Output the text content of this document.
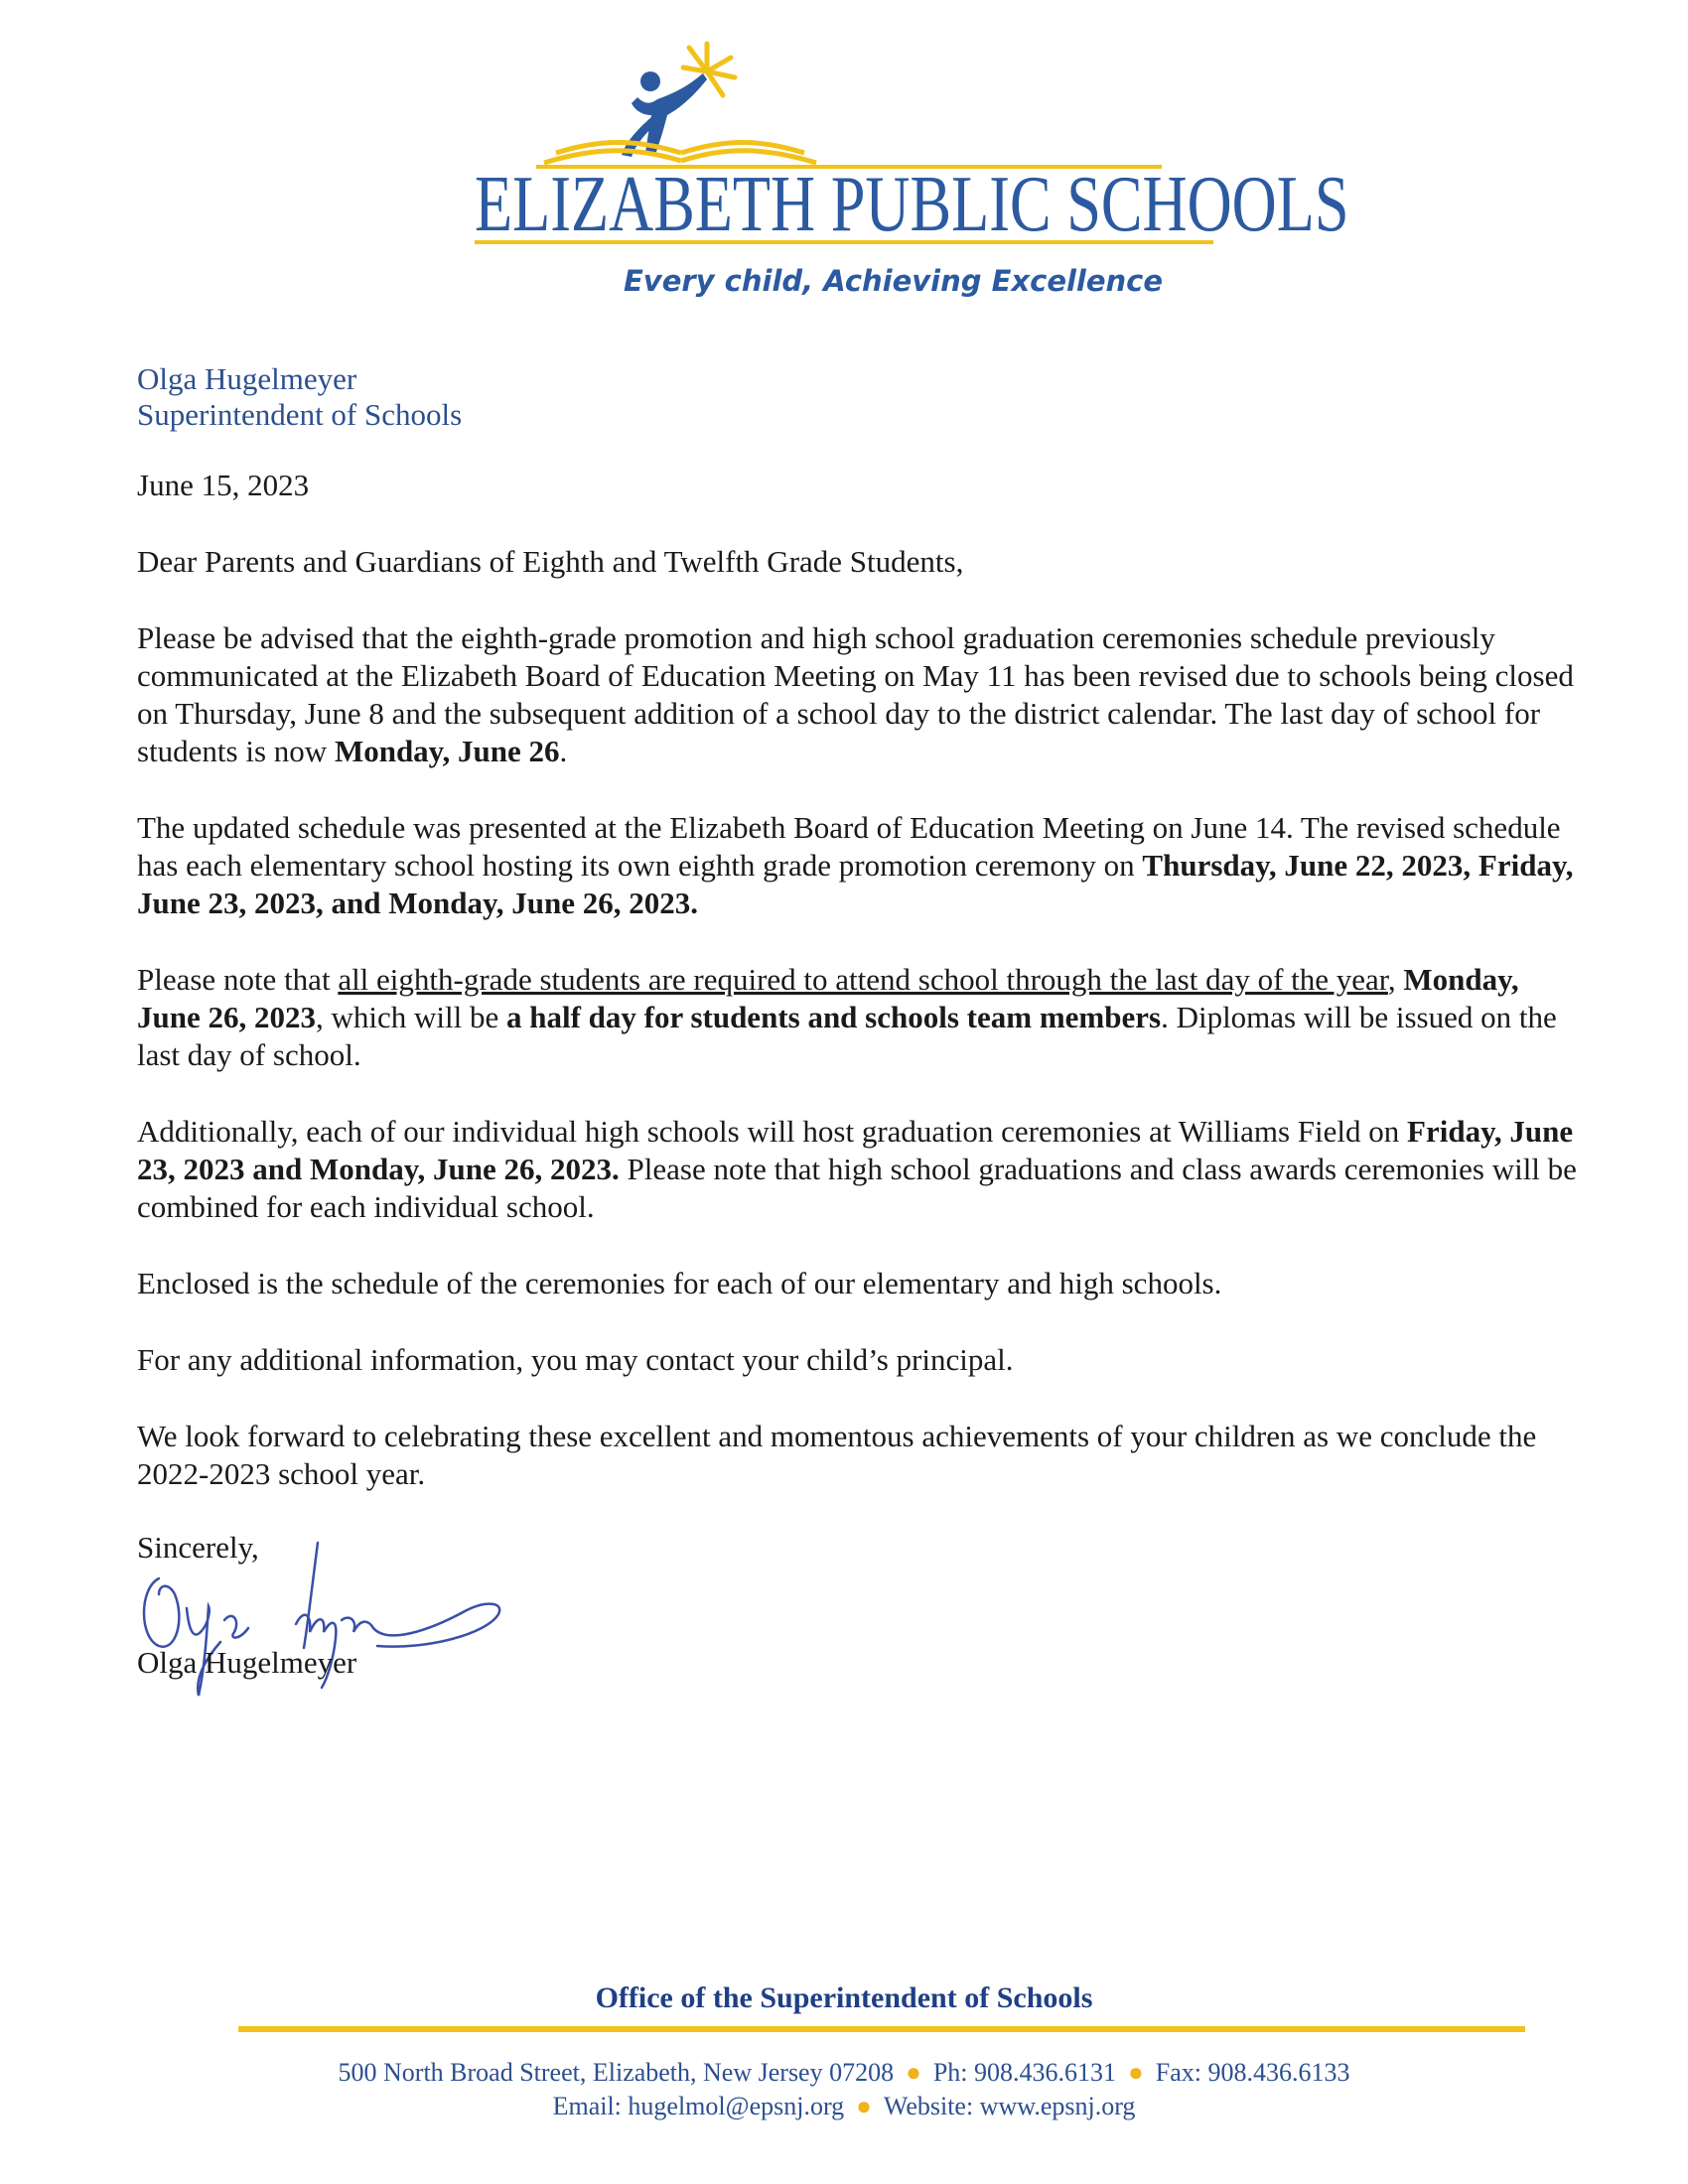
ELIZABETH PUBLIC SCHOOLS
Every child, Achieving Excellence
Olga Hugelmeyer
Superintendent of Schools

June 15, 2023

Dear Parents and Guardians of Eighth and Twelfth Grade Students,

Please be advised that the eighth-grade promotion and high school graduation ceremonies schedule previously communicated at the Elizabeth Board of Education Meeting on May 11 has been revised due to schools being closed on Thursday, June 8 and the subsequent addition of a school day to the district calendar. The last day of school for students is now Monday, June 26.

The updated schedule was presented at the Elizabeth Board of Education Meeting on June 14. The revised schedule has each elementary school hosting its own eighth grade promotion ceremony on Thursday, June 22, 2023, Friday, June 23, 2023, and Monday, June 26, 2023.

Please note that all eighth-grade students are required to attend school through the last day of the year, Monday, June 26, 2023, which will be a half day for students and schools team members. Diplomas will be issued on the last day of school.

Additionally, each of our individual high schools will host graduation ceremonies at Williams Field on Friday, June 23, 2023 and Monday, June 26, 2023. Please note that high school graduations and class awards ceremonies will be combined for each individual school.

Enclosed is the schedule of the ceremonies for each of our elementary and high schools.

For any additional information, you may contact your child’s principal.

We look forward to celebrating these excellent and momentous achievements of your children as we conclude the 2022-2023 school year.

Sincerely,
Olga Hugelmeyer
Office of the Superintendent of Schools
500 North Broad Street, Elizabeth, New Jersey 07208 ● Ph: 908.436.6131 ● Fax: 908.436.6133
Email: hugelmol@epsnj.org ● Website: www.epsnj.org
